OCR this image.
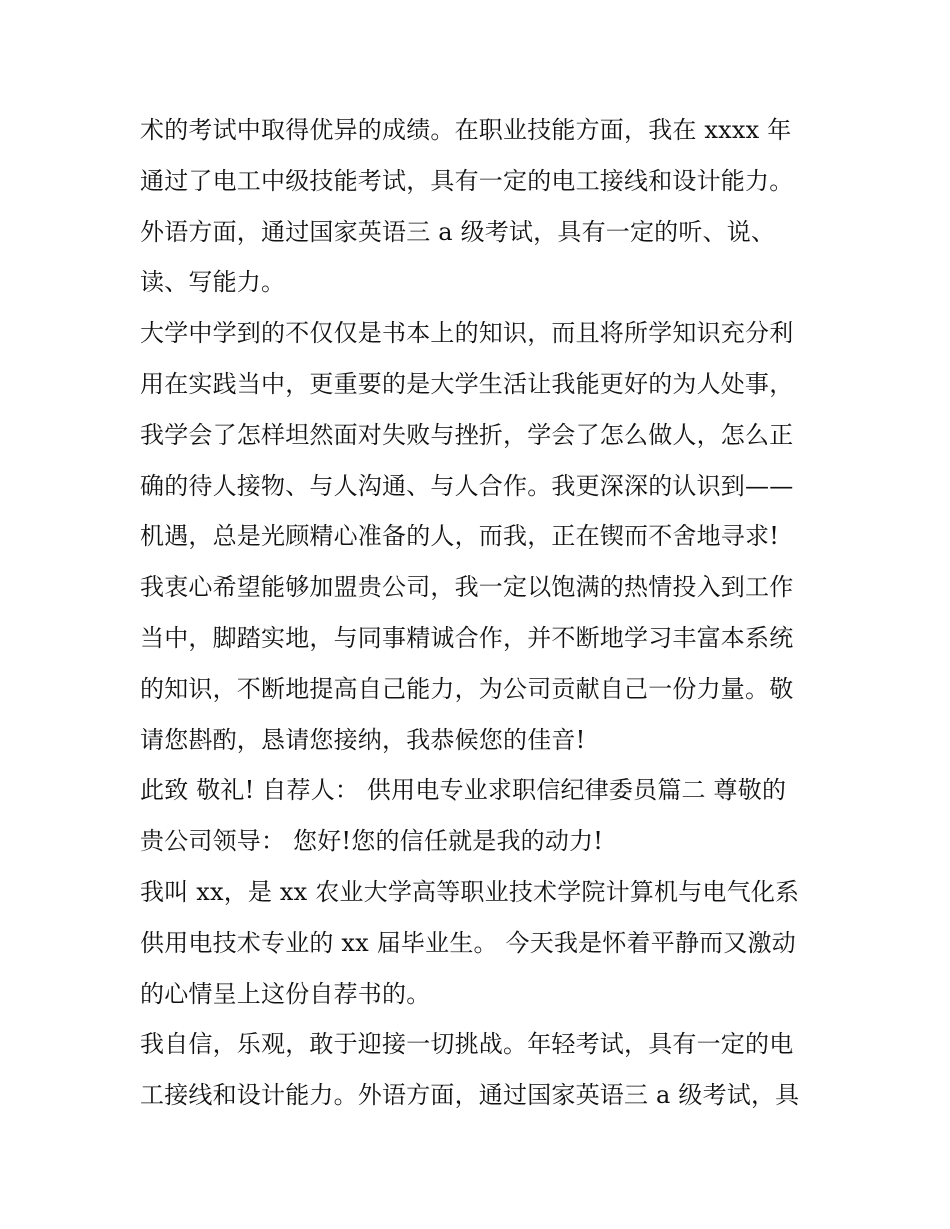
术的考试中取得优异的成绩。在职业技能方面，我在 xxxx 年
通过了电工中级技能考试，具有一定的电工接线和设计能力。
外语方面，通过国家英语三 a 级考试，具有一定的听、说、
读、写能力。
大学中学到的不仅仅是书本上的知识，而且将所学知识充分利
用在实践当中，更重要的是大学生活让我能更好的为人处事，
我学会了怎样坦然面对失败与挫折，学会了怎么做人，怎么正
确的待人接物、与人沟通、与人合作。我更深深的认识到——
机遇，总是光顾精心准备的人，而我，正在锲而不舍地寻求!
我衷心希望能够加盟贵公司，我一定以饱满的热情投入到工作
当中，脚踏实地，与同事精诚合作，并不断地学习丰富本系统
的知识，不断地提高自己能力，为公司贡献自己一份力量。敬
请您斟酌，恳请您接纳，我恭候您的佳音!
此致 敬礼! 自荐人： 供用电专业求职信纪律委员篇二 尊敬的
贵公司领导： 您好!您的信任就是我的动力!
我叫 xx，是 xx 农业大学高等职业技术学院计算机与电气化系
供用电技术专业的 xx 届毕业生。 今天我是怀着平静而又激动
的心情呈上这份自荐书的。
我自信，乐观，敢于迎接一切挑战。年轻考试，具有一定的电
工接线和设计能力。外语方面，通过国家英语三 a 级考试，具
